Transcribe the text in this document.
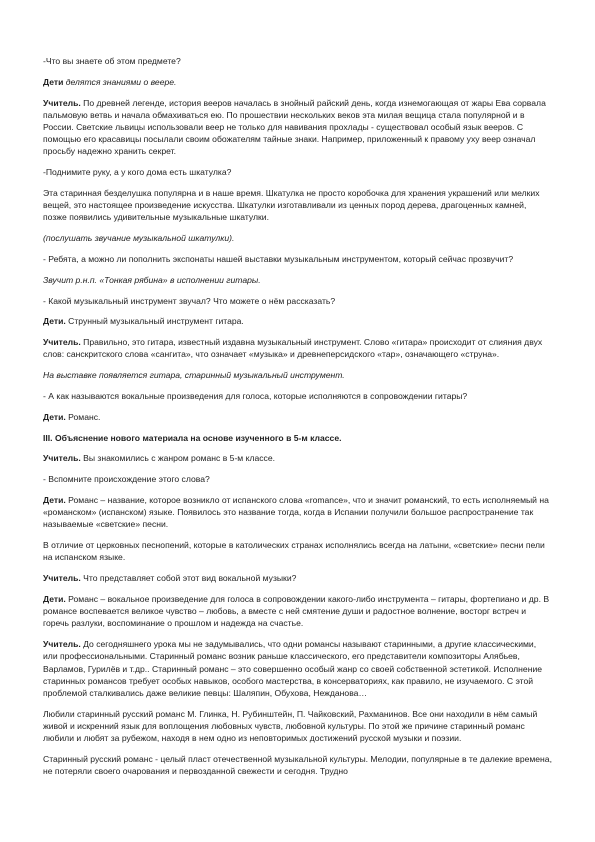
-Что вы знаете об этом предмете?

Дети делятся знаниями о веере.

Учитель. По древней легенде, история вееров началась в знойный райский день, когда изнемогающая от жары Ева сорвала пальмовую ветвь и начала обмахиваться ею. По прошествии нескольких веков эта милая вещица стала популярной и в России. Светские львицы использовали веер не только для навивания прохлады - существовал особый язык вееров. С помощью его красавицы посылали своим обожателям тайные знаки. Например, приложенный к правому уху веер означал просьбу надежно хранить секрет.

-Поднимите руку, а у кого дома есть шкатулка?

Эта старинная безделушка популярна и в наше время. Шкатулка не просто коробочка для хранения украшений или мелких вещей, это настоящее произведение искусства. Шкатулки изготавливали из ценных пород дерева, драгоценных камней, позже появились удивительные музыкальные шкатулки.

(послушать звучание музыкальной шкатулки).

- Ребята, а можно ли пополнить экспонаты нашей выставки музыкальным инструментом, который сейчас прозвучит?

Звучит р.н.п. «Тонкая рябина» в исполнении гитары.

- Какой музыкальный инструмент звучал? Что можете о нём рассказать?

Дети. Струнный музыкальный инструмент гитара.

Учитель. Правильно, это гитара, известный издавна музыкальный инструмент. Слово «гитара» происходит от слияния двух слов: санскритского слова «сангита», что означает «музыка» и древнеперсидского «тар», означающего «струна».

На выставке появляется гитара, старинный музыкальный инструмент.

- А как называются вокальные произведения для голоса, которые исполняются в сопровождении гитары?

Дети. Романс.

III. Объяснение нового материала на основе изученного в 5-м классе.

Учитель. Вы знакомились с жанром романс в 5-м классе.

- Вспомните происхождение этого слова?

Дети. Романс – название, которое возникло от испанского слова «romance», что и значит романский, то есть исполняемый на «романском» (испанском) языке. Появилось это название тогда, когда в Испании получили большое распространение так называемые «светские» песни.

В отличие от церковных песнопений, которые в католических странах исполнялись всегда на латыни, «светские» песни пели на испанском языке.

Учитель. Что представляет собой этот вид вокальной музыки?

Дети. Романс – вокальное произведение для голоса в сопровождении какого-либо инструмента – гитары, фортепиано и др. В романсе воспевается великое чувство – любовь, а вместе с ней смятение души и радостное волнение, восторг встреч и горечь разлуки, воспоминание о прошлом и надежда на счастье.

Учитель. До сегодняшнего урока мы не задумывались, что одни романсы называют старинными, а другие классическими, или профессиональными. Старинный романс возник раньше классического, его представители композиторы Алябьев, Варламов, Гурилёв и т.др.. Старинный романс – это совершенно особый жанр со своей собственной эстетикой. Исполнение старинных романсов требует особых навыков, особого мастерства, в консерваториях, как правило, не изучаемого. С этой проблемой сталкивались даже великие певцы: Шаляпин, Обухова, Нежданова…

Любили старинный русский романс М. Глинка, Н. Рубинштейн, П. Чайковский, Рахманинов. Все они находили в нём самый живой и искренний язык для воплощения любовных чувств, любовной культуры. По этой же причине старинный романс любили и любят за рубежом, находя в нем одно из неповторимых достижений русской музыки и поэзии.

Старинный русский романс - целый пласт отечественной музыкальной культуры. Мелодии, популярные в те далекие времена, не потеряли своего очарования и первозданной свежести и сегодня. Трудно
